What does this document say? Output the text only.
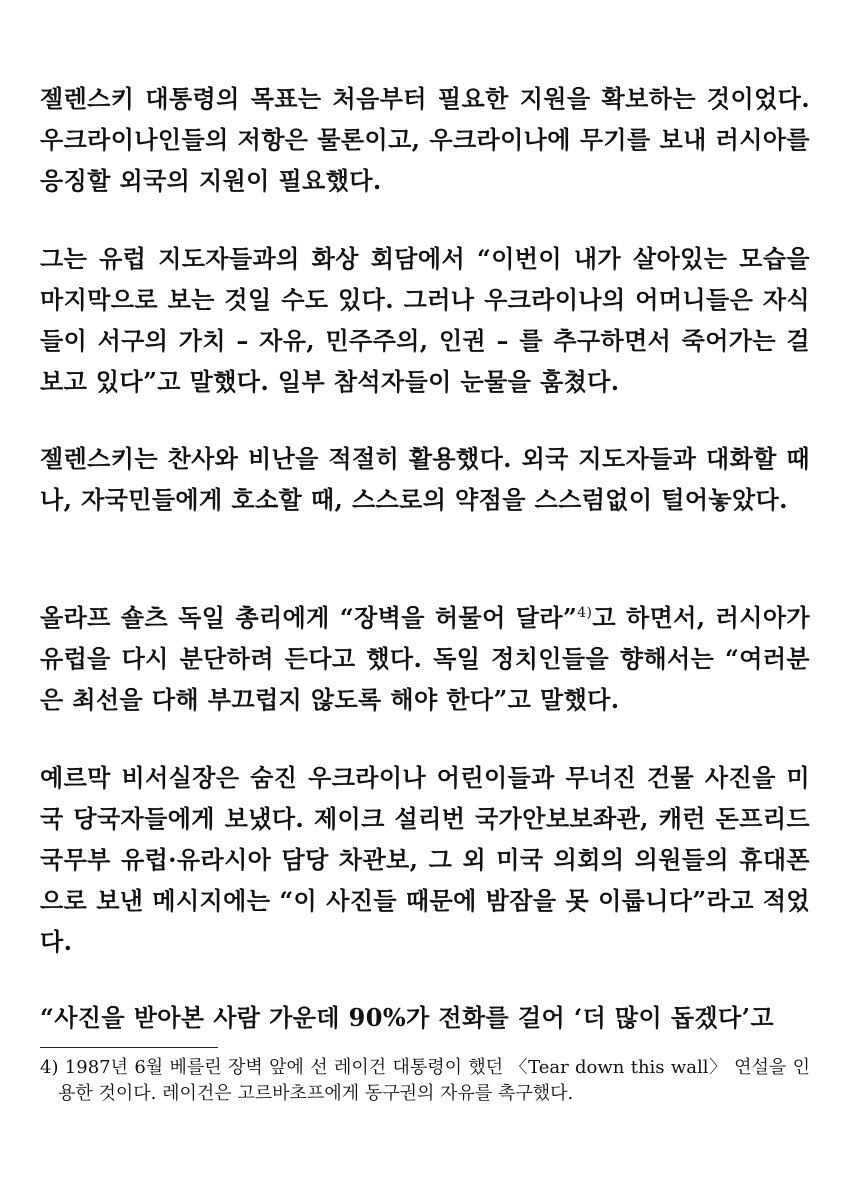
젤렌스키 대통령의 목표는 처음부터 필요한 지원을 확보하는 것이었다. 우크라이나인들의 저항은 물론이고, 우크라이나에 무기를 보내 러시아를 응징할 외국의 지원이 필요했다.

그는 유럽 지도자들과의 화상 회담에서 “이번이 내가 살아있는 모습을 마지막으로 보는 것일 수도 있다. 그러나 우크라이나의 어머니들은 자식들이 서구의 가치 – 자유, 민주주의, 인권 – 를 추구하면서 죽어가는 걸 보고 있다”고 말했다. 일부 참석자들이 눈물을 훔쳤다.

젤렌스키는 찬사와 비난을 적절히 활용했다. 외국 지도자들과 대화할 때나, 자국민들에게 호소할 때, 스스로의 약점을 스스럼없이 털어놓았다.

올라프 숄츠 독일 총리에게 “장벽을 허물어 달라”$^{4)}$고 하면서, 러시아가 유럽을 다시 분단하려 든다고 했다. 독일 정치인들을 향해서는 “여러분은 최선을 다해 부끄럽지 않도록 해야 한다”고 말했다.

예르막 비서실장은 숨진 우크라이나 어린이들과 무너진 건물 사진을 미국 당국자들에게 보냈다. 제이크 설리번 국가안보보좌관, 캐런 돈프리드 국무부 유럽·유라시아 담당 차관보, 그 외 미국 의회의 의원들의 휴대폰으로 보낸 메시지에는 “이 사진들 때문에 밤잠을 못 이룹니다”라고 적었다.

“사진을 받아본 사람 가운데 90%가 전화를 걸어 ‘더 많이 돕겠다’고

4) 1987년 6월 베를린 장벽 앞에 선 레이건 대통령이 했던 〈Tear down this wall〉 연설을 인용한 것이다. 레이건은 고르바초프에게 동구권의 자유를 촉구했다.
